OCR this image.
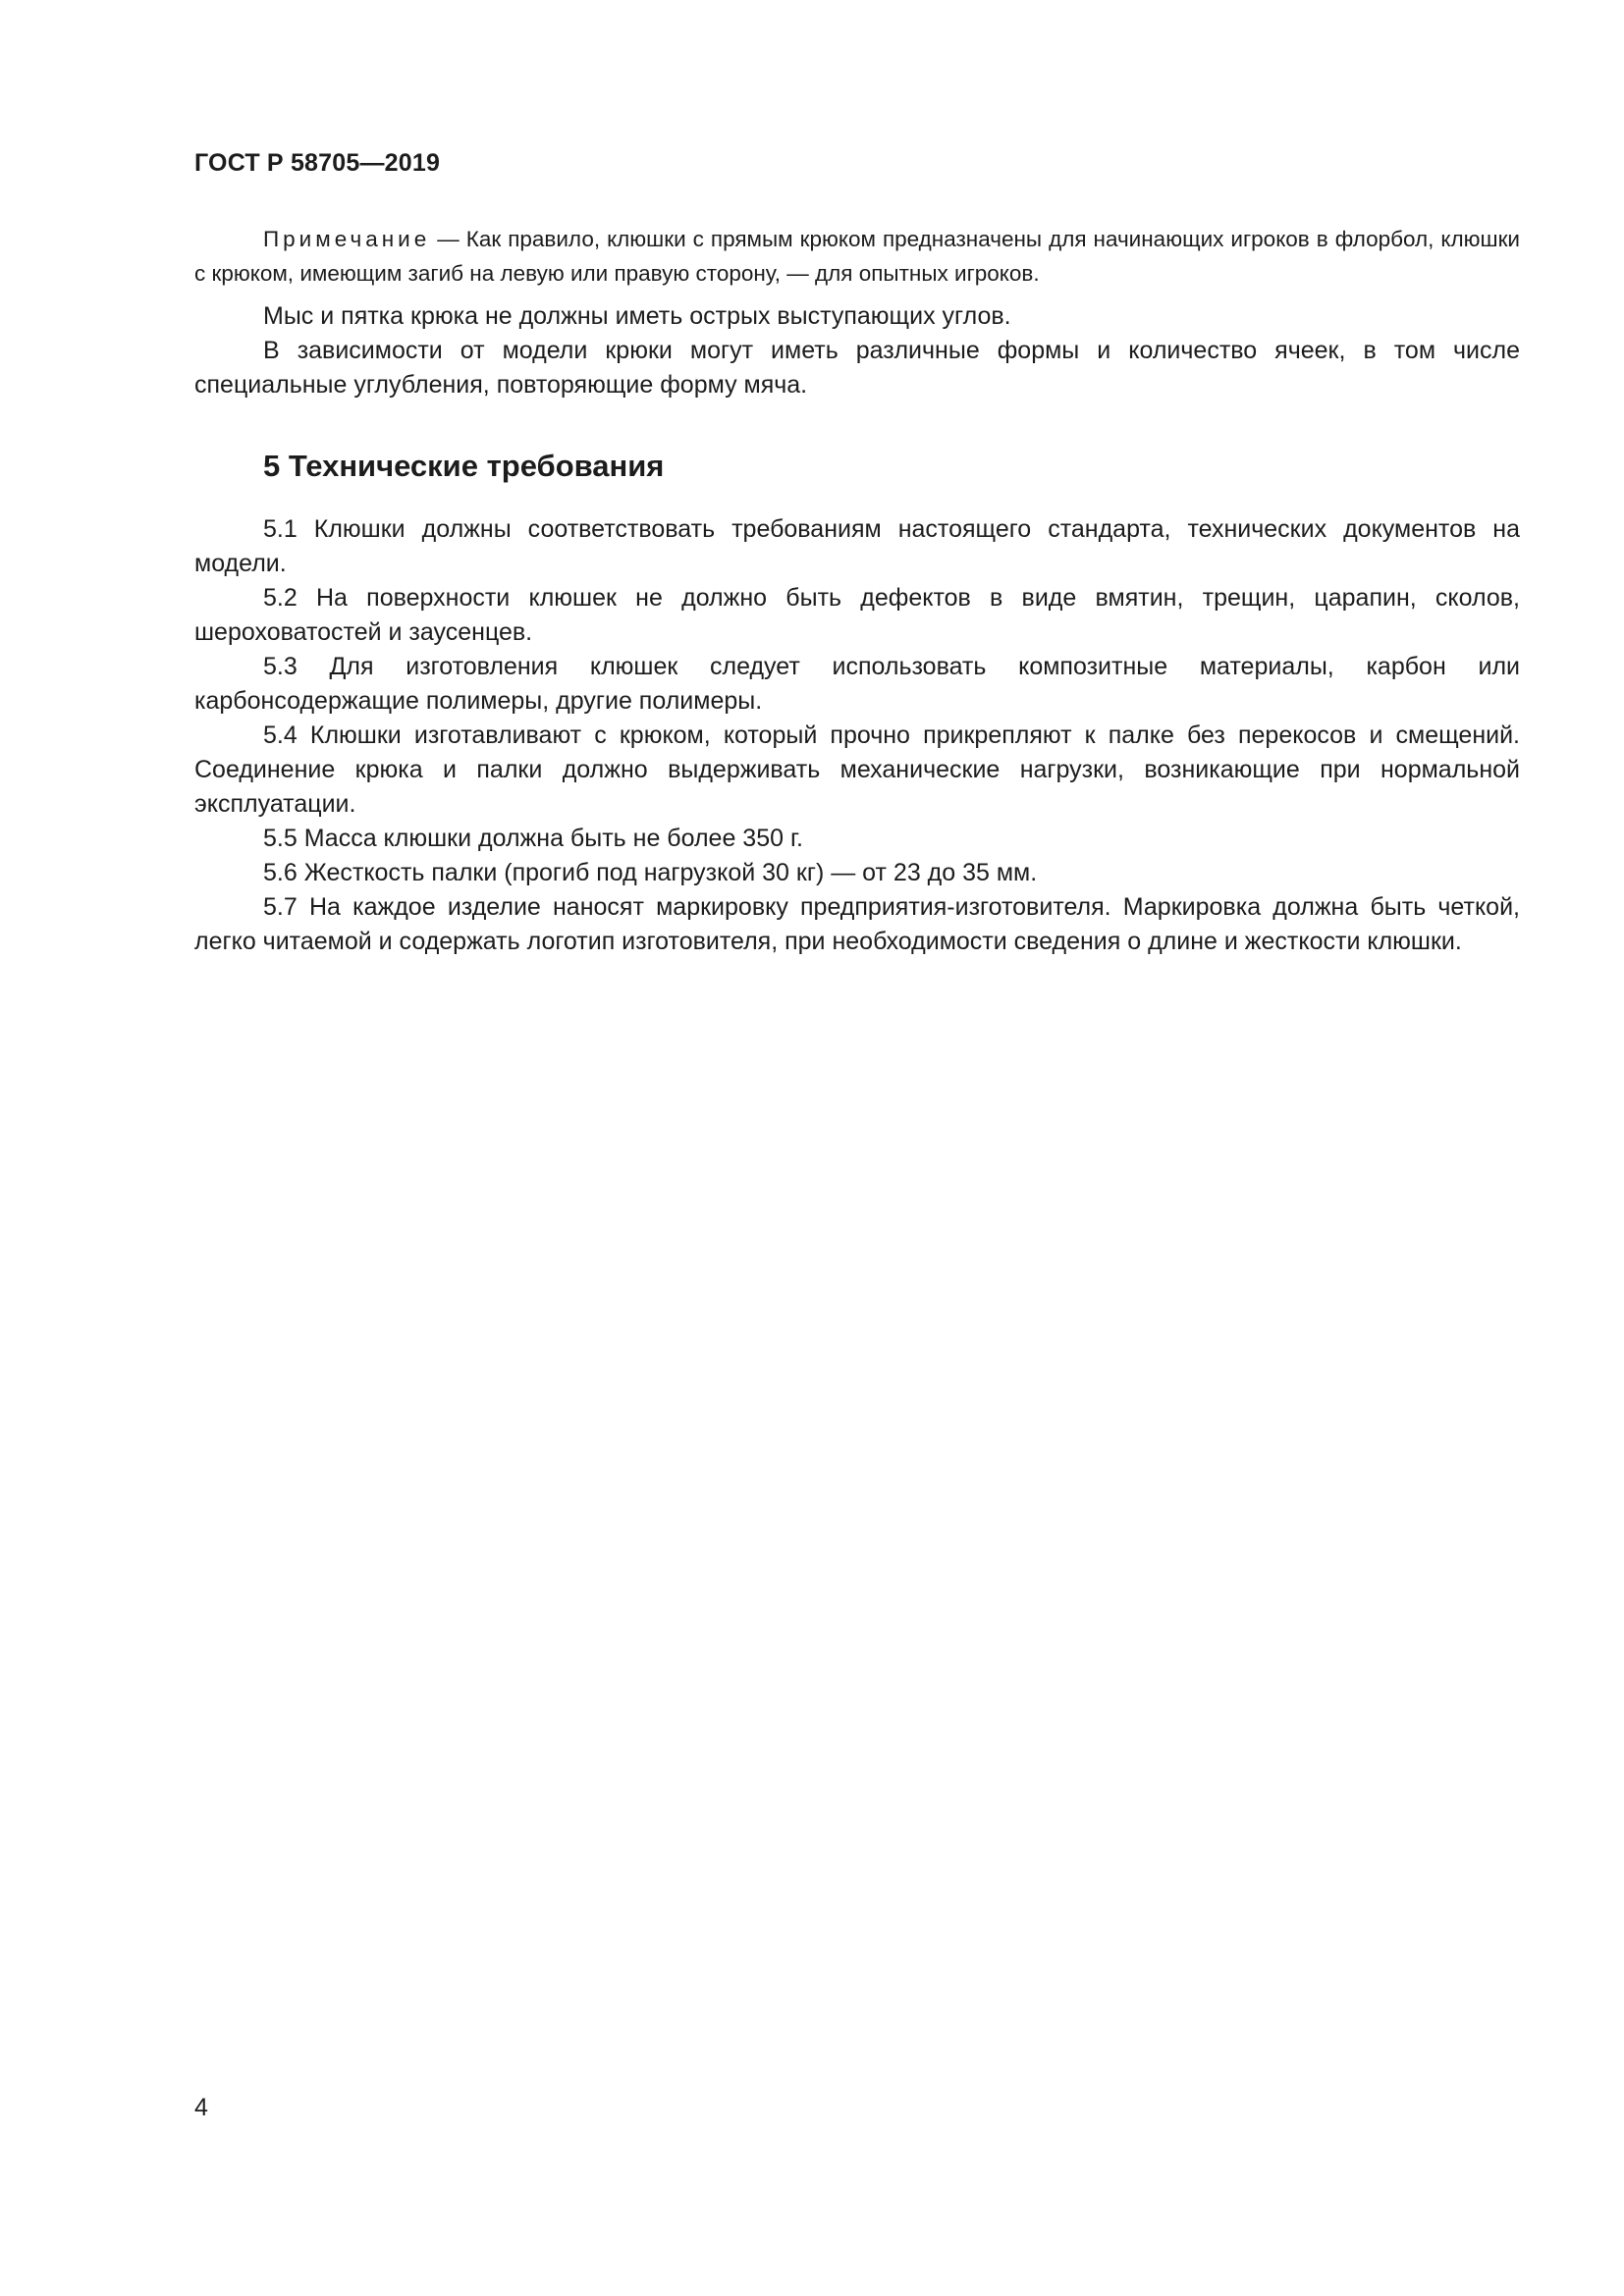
ГОСТ Р 58705—2019

Примечание — Как правило, клюшки с прямым крюком предназначены для начинающих игроков в флорбол, клюшки с крюком, имеющим загиб на левую или правую сторону, — для опытных игроков.

Мыс и пятка крюка не должны иметь острых выступающих углов.

В зависимости от модели крюки могут иметь различные формы и количество ячеек, в том числе специальные углубления, повторяющие форму мяча.

5 Технические требования

5.1 Клюшки должны соответствовать требованиям настоящего стандарта, технических документов на модели.

5.2 На поверхности клюшек не должно быть дефектов в виде вмятин, трещин, царапин, сколов, шероховатостей и заусенцев.

5.3 Для изготовления клюшек следует использовать композитные материалы, карбон или карбонсодержащие полимеры, другие полимеры.

5.4 Клюшки изготавливают с крюком, который прочно прикрепляют к палке без перекосов и смещений. Соединение крюка и палки должно выдерживать механические нагрузки, возникающие при нормальной эксплуатации.

5.5 Масса клюшки должна быть не более 350 г.

5.6 Жесткость палки (прогиб под нагрузкой 30 кг) — от 23 до 35 мм.

5.7 На каждое изделие наносят маркировку предприятия-изготовителя. Маркировка должна быть четкой, легко читаемой и содержать логотип изготовителя, при необходимости сведения о длине и жесткости клюшки.

4
